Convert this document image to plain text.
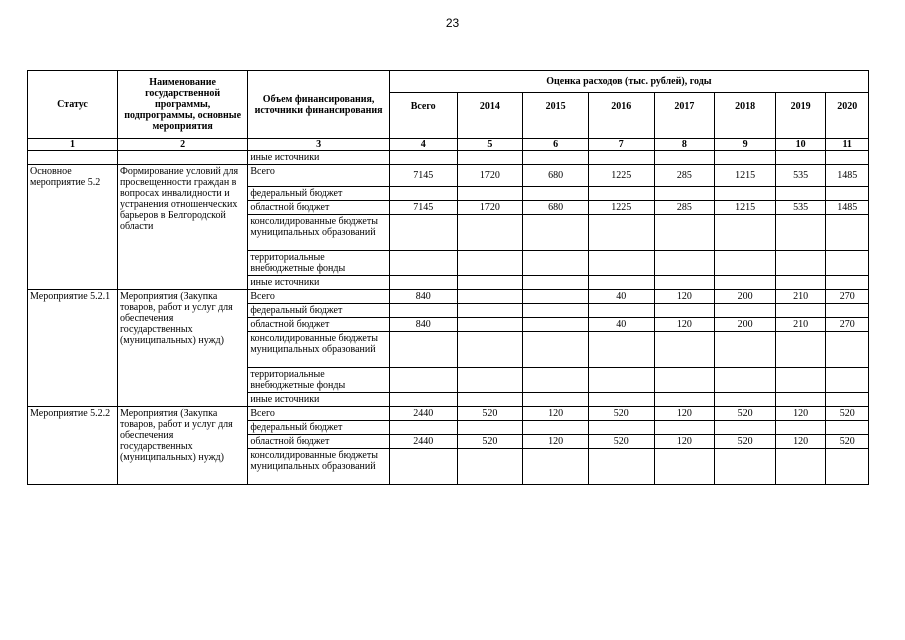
23
Статус	Наименование государственной программы, подпрограммы, основные мероприятия	Объем финансирования, источники финансирования	Оценка расходов (тыс. рублей), годы							
			Всего	2014	2015	2016	2017	2018	2019	2020
1	2	3	4	5	6	7	8	9	10	11
		иные источники								
Основное мероприятие 5.2	Формирование условий для просвещенности граждан в вопросах инвалидности и устранения отношенческих барьеров в Белгородской области	Всего	7145	1720	680	1225	285	1215	535	1485
		федеральный бюджет								
		областной бюджет	7145	1720	680	1225	285	1215	535	1485
		консолидированные бюджеты муниципальных образований								
		территориальные внебюджетные фонды								
		иные источники								
Мероприятие 5.2.1	Мероприятия (Закупка товаров, работ и услуг для обеспечения государственных (муниципальных) нужд)	Всего	840			40	120	200	210	270
		федеральный бюджет								
		областной бюджет	840			40	120	200	210	270
		консолидированные бюджеты муниципальных образований								
		территориальные внебюджетные фонды								
		иные источники								
Мероприятие 5.2.2	Мероприятия (Закупка товаров, работ и услуг для обеспечения государственных (муниципальных) нужд)	Всего	2440	520	120	520	120	520	120	520
		федеральный бюджет								
		областной бюджет	2440	520	120	520	120	520	120	520
		консолидированные бюджеты муниципальных образований								
